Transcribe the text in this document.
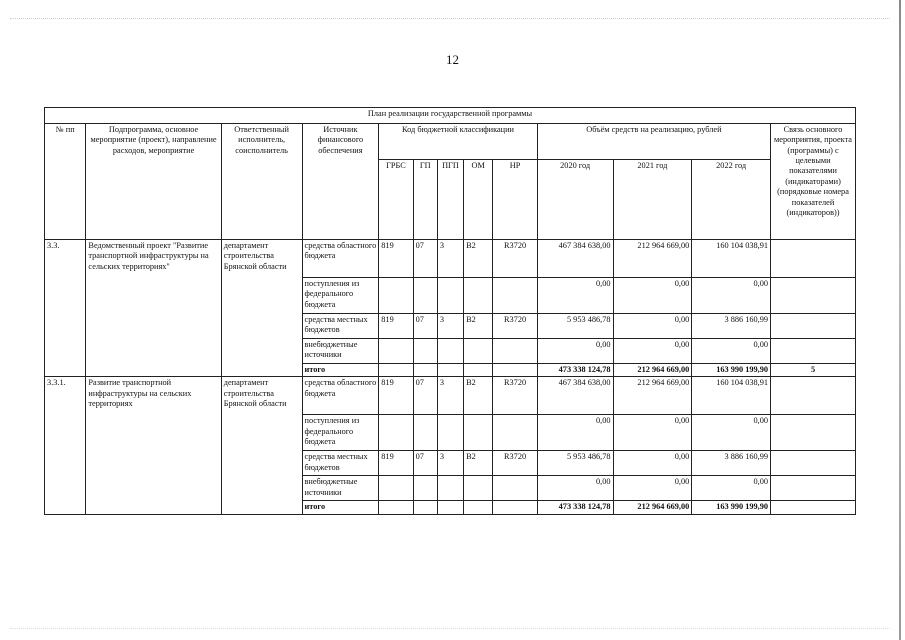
12
План реализации государственной программы												
№ пп	Подпрограмма, основное мероприятие (проект), направление расходов, мероприятие	Ответственный исполнитель, соисполнитель	Источник финансового обеспечения	Код бюджетной классификации					Объём средств на реализацию, рублей			Связь основного мероприятия, проекта (программы) с целевыми показателями (индикаторами) (порядковые номера показателей (индикаторов))
				ГРБС	ГП	ПГП	ОМ	НР	2020 год	2021 год	2022 год	
3.3.	Ведомственный проект "Развитие транспортной инфраструктуры на сельских территориях"	департамент строительства Брянской области	средства областного бюджета	819	07	3	В2	R3720	467 384 638,00	212 964 669,00	160 104 038,91	
			поступления из федерального бюджета						0,00	0,00	0,00	
			средства местных бюджетов	819	07	3	В2	R3720	5 953 486,78	0,00	3 886 160,99	
			внебюджетные источники						0,00	0,00	0,00	
			итого						473 338 124,78	212 964 669,00	163 990 199,90	5
3.3.1.	Развитие транспортной инфраструктуры на сельских территориях	департамент строительства Брянской области	средства областного бюджета	819	07	3	В2	R3720	467 384 638,00	212 964 669,00	160 104 038,91	
			поступления из федерального бюджета						0,00	0,00	0,00	
			средства местных бюджетов	819	07	3	В2	R3720	5 953 486,78	0,00	3 886 160,99	
			внебюджетные источники						0,00	0,00	0,00	
			итого						473 338 124,78	212 964 669,00	163 990 199,90	
